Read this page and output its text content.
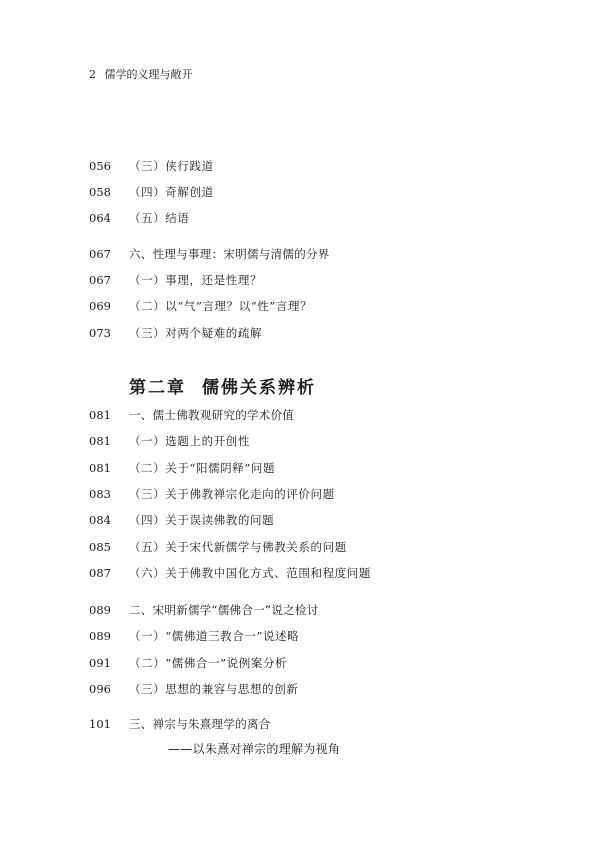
2 儒学的义理与敞开
056	（三）侠行践道
058	（四）奇解创道
064	（五）结语
067	六、性理与事理：宋明儒与清儒的分界
067	（一）事理，还是性理？
069	（二）以“气”言理？以“性”言理？
073	（三）对两个疑难的疏解
第二章 儒佛关系辨析
081	一、儒士佛教观研究的学术价值
081	（一）选题上的开创性
081	（二）关于“阳儒阴释”问题
083	（三）关于佛教禅宗化走向的评价问题
084	（四）关于误读佛教的问题
085	（五）关于宋代新儒学与佛教关系的问题
087	（六）关于佛教中国化方式、范围和程度问题
089	二、宋明新儒学“儒佛合一”说之检讨
089	（一）“儒佛道三教合一”说述略
091	（二）“儒佛合一”说例案分析
096	（三）思想的兼容与思想的创新
101	三、禅宗与朱熹理学的离合
——以朱熹对禅宗的理解为视角
